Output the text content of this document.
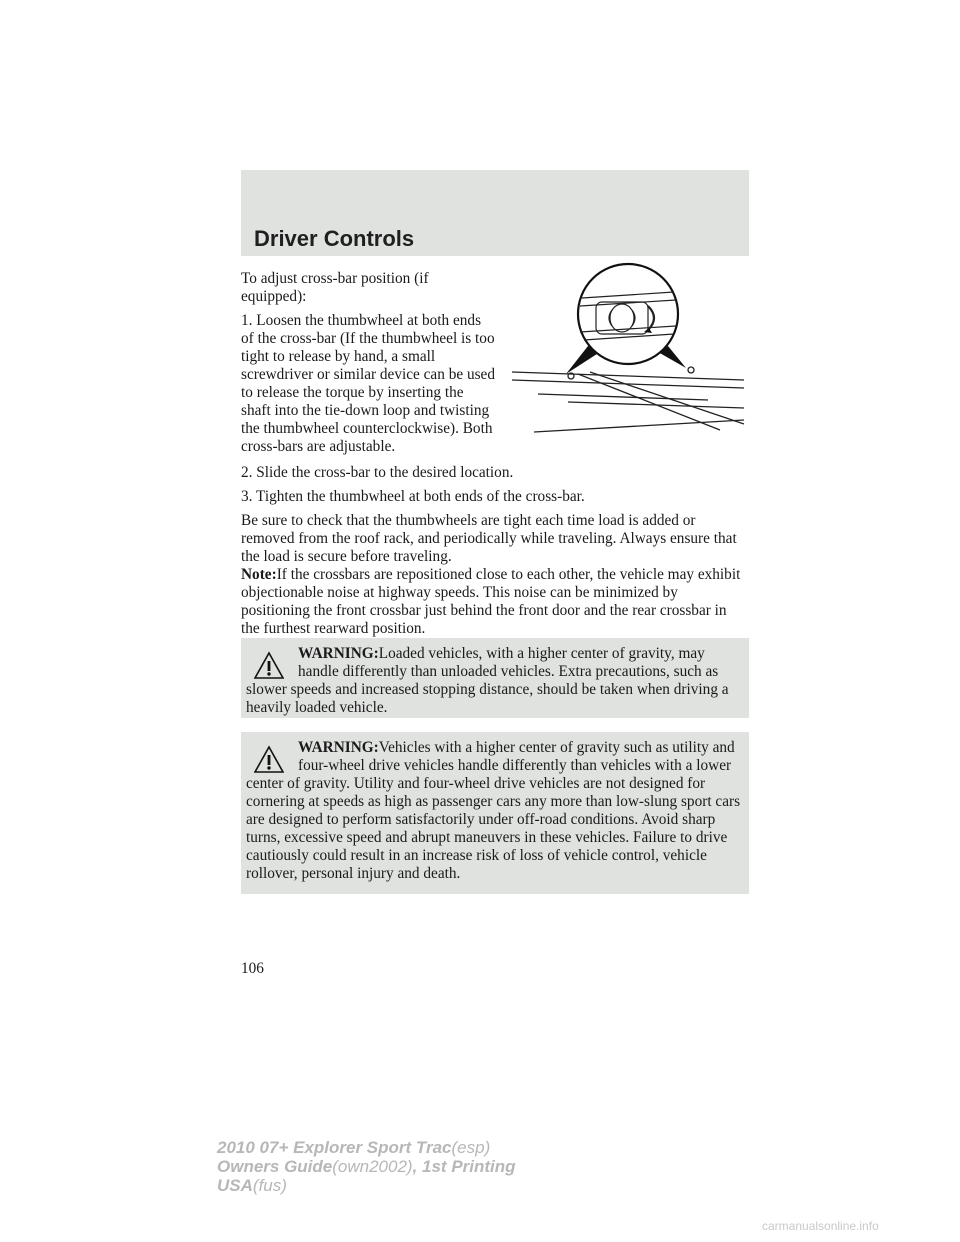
Driver Controls

To adjust cross-bar position (if equipped):

1. Loosen the thumbwheel at both ends of the cross-bar (If the thumbwheel is too tight to release by hand, a small screwdriver or similar device can be used to release the torque by inserting the shaft into the tie-down loop and twisting the thumbwheel counterclockwise). Both cross-bars are adjustable.

2. Slide the cross-bar to the desired location.

3. Tighten the thumbwheel at both ends of the cross-bar.

Be sure to check that the thumbwheels are tight each time load is added or removed from the roof rack, and periodically while traveling. Always ensure that the load is secure before traveling.

Note:If the crossbars are repositioned close to each other, the vehicle may exhibit objectionable noise at highway speeds. This noise can be minimized by positioning the front crossbar just behind the front door and the rear crossbar in the furthest rearward position.

WARNING:Loaded vehicles, with a higher center of gravity, may handle differently than unloaded vehicles. Extra precautions, such as slower speeds and increased stopping distance, should be taken when driving a heavily loaded vehicle.
WARNING:Vehicles with a higher center of gravity such as utility and four-wheel drive vehicles handle differently than vehicles with a lower center of gravity. Utility and four-wheel drive vehicles are not designed for cornering at speeds as high as passenger cars any more than low-slung sport cars are designed to perform satisfactorily under off-road conditions. Avoid sharp turns, excessive speed and abrupt maneuvers in these vehicles. Failure to drive cautiously could result in an increase risk of loss of vehicle control, vehicle rollover, personal injury and death.
106
2010 07+ Explorer Sport Trac(esp)
Owners Guide(own2002), 1st Printing
USA(fus)
carmanualsonline.info
